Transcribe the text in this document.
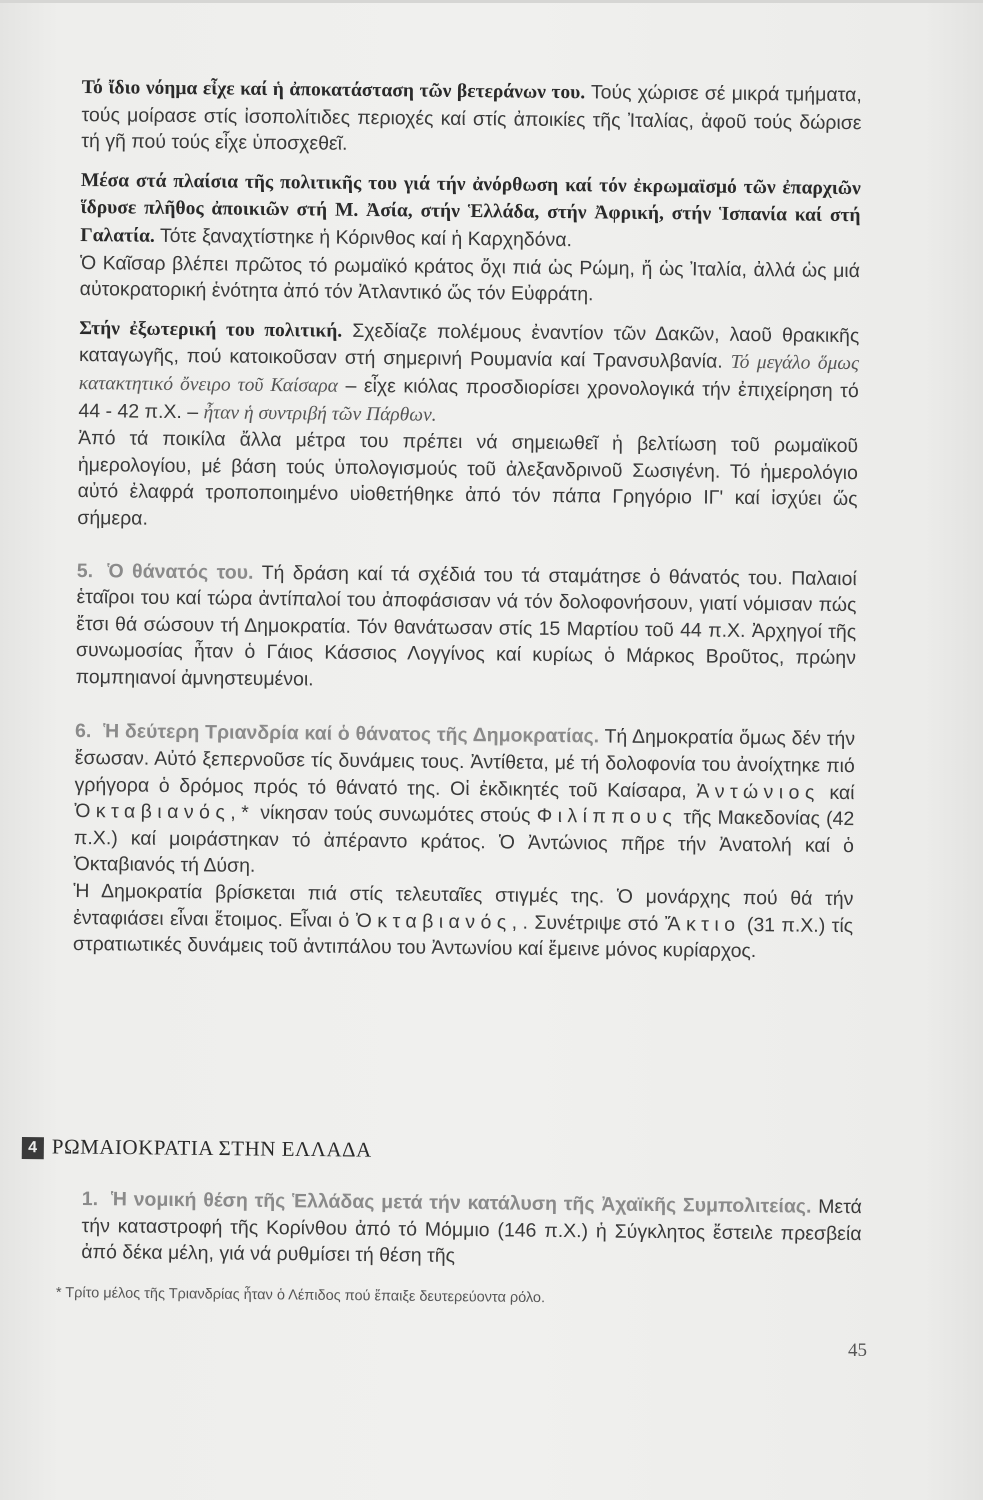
Τό ἴδιο νόημα εἶχε καί ἡ ἀποκατάσταση τῶν βετεράνων του. Τούς χώρισε σέ μικρά τμήματα, τούς μοίρασε στίς ἰσοπολίτιδες περιοχές καί στίς ἀποικίες τῆς Ἰταλίας, ἀφοῦ τούς δώρισε τή γῆ πού τούς εἶχε ὑποσχεθεῖ.

Μέσα στά πλαίσια τῆς πολιτικῆς του γιά τήν ἀνόρθωση καί τόν ἐκρωμαϊσμό τῶν ἐπαρχιῶν ἵδρυσε πλῆθος ἀποικιῶν στή Μ. Ἀσία, στήν Ἑλλάδα, στήν Ἀφρική, στήν Ἱσπανία καί στή Γαλατία. Τότε ξαναχτίστηκε ἡ Κόρινθος καί ἡ Καρχηδόνα.

Ὁ Καῖσαρ βλέπει πρῶτος τό ρωμαϊκό κράτος ὄχι πιά ὡς Ρώμη, ἤ ὡς Ἰταλία, ἀλλά ὡς μιά αὐτοκρατορική ἑνότητα ἀπό τόν Ἀτλαντικό ὥς τόν Εὐφράτη.

Στήν ἐξωτερική του πολιτική. Σχεδίαζε πολέμους ἐναντίον τῶν Δακῶν, λαοῦ θρακικῆς καταγωγῆς, πού κατοικοῦσαν στή σημερινή Ρουμανία καί Τρανσυλβανία. Τό μεγάλο ὅμως κατακτητικό ὄνειρο τοῦ Καίσαρα – εἶχε κιόλας προσδιορίσει χρονολογικά τήν ἐπιχείρηση τό 44 - 42 π.Χ. – ἦταν ἡ συντριβή τῶν Πάρθων.

Ἀπό τά ποικίλα ἄλλα μέτρα του πρέπει νά σημειωθεῖ ἡ βελτίωση τοῦ ρωμαϊκοῦ ἡμερολογίου, μέ βάση τούς ὑπολογισμούς τοῦ ἀλεξανδρινοῦ Σωσιγένη. Τό ἡμερολόγιο αὐτό ἐλαφρά τροποποιημένο υἱοθετήθηκε ἀπό τόν πάπα Γρηγόριο ΙΓ' καί ἰσχύει ὥς σήμερα.

5. Ὁ θάνατός του. Τή δράση καί τά σχέδιά του τά σταμάτησε ὁ θάνατός του. Παλαιοί ἑταῖροι του καί τώρα ἀντίπαλοί του ἀποφάσισαν νά τόν δολοφονήσουν, γιατί νόμισαν πώς ἔτσι θά σώσουν τή Δημοκρατία. Τόν θανάτωσαν στίς 15 Μαρτίου τοῦ 44 π.Χ. Ἀρχηγοί τῆς συνωμοσίας ἦταν ὁ Γάιος Κάσσιος Λογγίνος καί κυρίως ὁ Μάρκος Βροῦτος, πρώην πομπηιανοί ἀμνηστευμένοι.

6. Ἡ δεύτερη Τριανδρία καί ὁ θάνατος τῆς Δημοκρατίας. Τή Δημοκρατία ὅμως δέν τήν ἔσωσαν. Αὐτό ξεπερνοῦσε τίς δυνάμεις τους. Ἀντίθετα, μέ τή δολοφονία του ἀνοίχτηκε πιό γρήγορα ὁ δρόμος πρός τό θάνατό της. Οἱ ἐκδικητές τοῦ Καίσαρα, Ἀντώνιος καί Ὀκταβιανός,* νίκησαν τούς συνωμότες στούς Φιλίππους τῆς Μακεδονίας (42 π.Χ.) καί μοιράστηκαν τό ἀπέραντο κράτος. Ὁ Ἀντώνιος πῆρε τήν Ἀνατολή καί ὁ Ὀκταβιανός τή Δύση.

Ἡ Δημοκρατία βρίσκεται πιά στίς τελευταῖες στιγμές της. Ὁ μονάρχης πού θά τήν ἐνταφιάσει εἶναι ἕτοιμος. Εἶναι ὁ Ὀκταβιανός,. Συνέτριψε στό Ἄκτιο (31 π.Χ.) τίς στρατιωτικές δυνάμεις τοῦ ἀντιπάλου του Ἀντωνίου καί ἔμεινε μόνος κυρίαρχος.

4 ΡΩΜΑΙΟΚΡΑΤΙΑ ΣΤΗΝ ΕΛΛΑΔΑ
1. Ἡ νομική θέση τῆς Ἑλλάδας μετά τήν κατάλυση τῆς Ἀχαϊκῆς Συμπολιτείας. Μετά τήν καταστροφή τῆς Κορίνθου ἀπό τό Μόμμιο (146 π.Χ.) ἡ Σύγκλητος ἔστειλε πρεσβεία ἀπό δέκα μέλη, γιά νά ρυθμίσει τή θέση τῆς
* Τρίτο μέλος τῆς Τριανδρίας ἦταν ὁ Λέπιδος πού ἔπαιξε δευτερεύοντα ρόλο.
45
